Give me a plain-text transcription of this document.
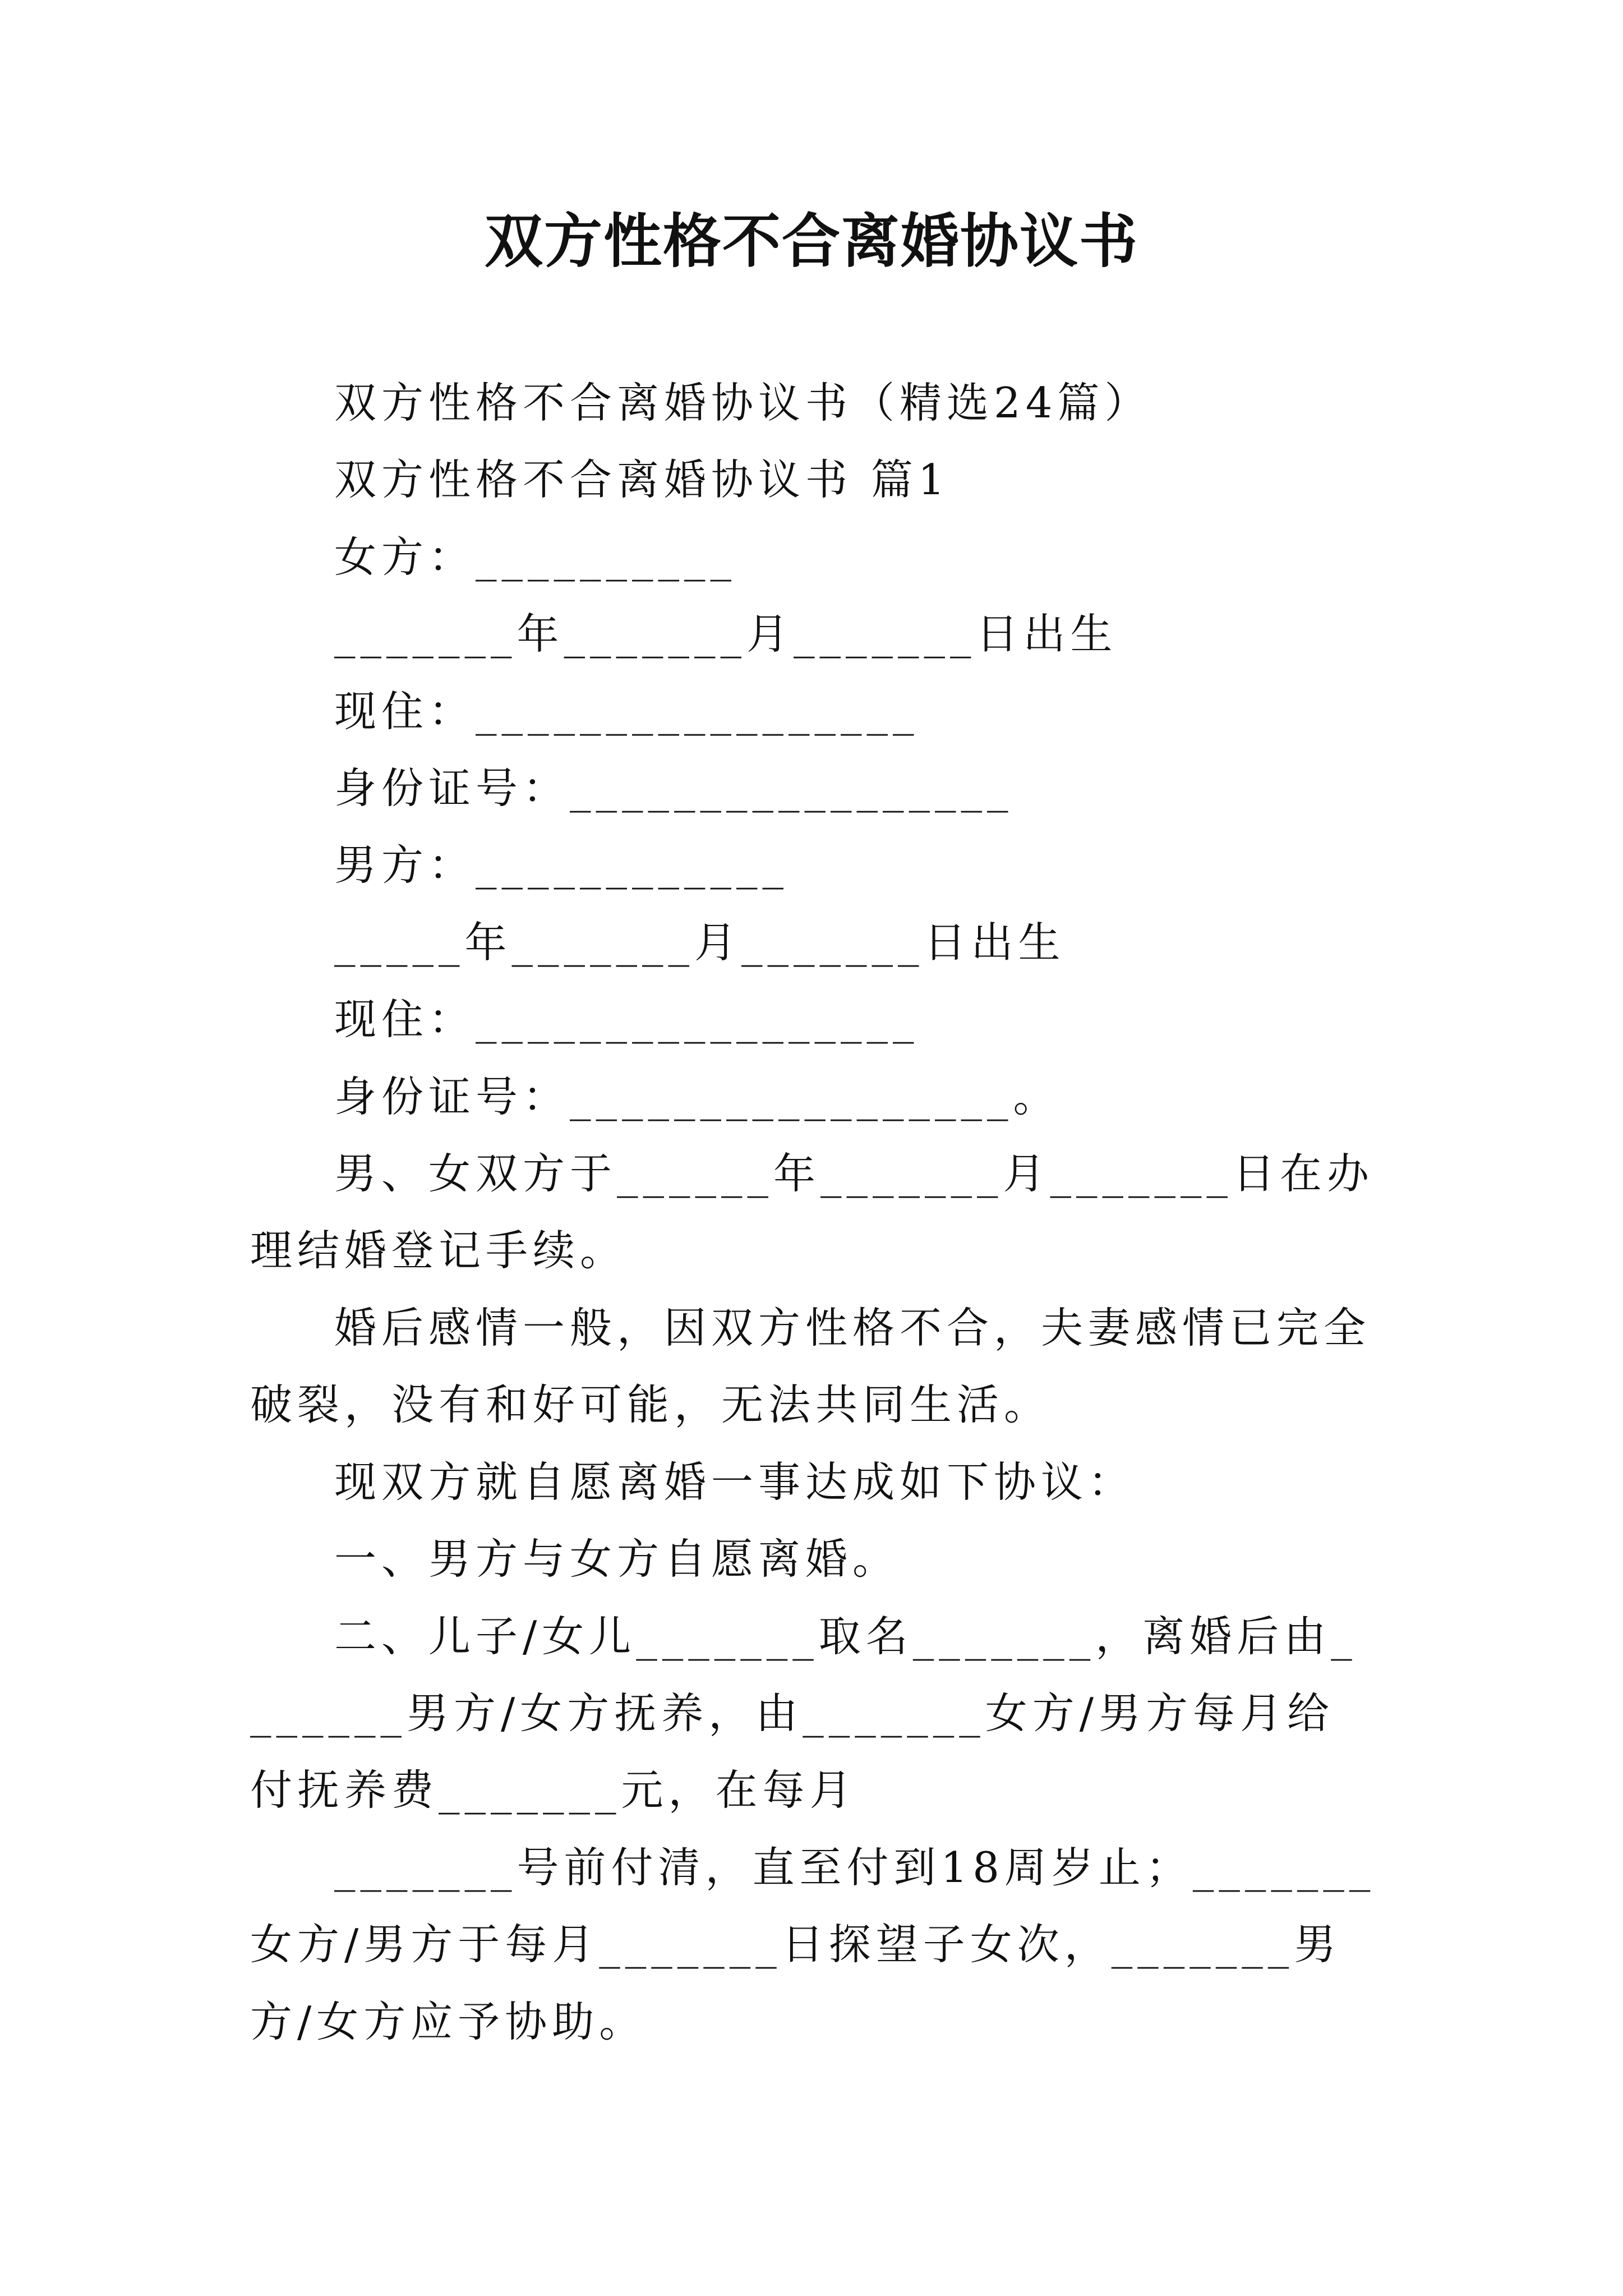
双方性格不合离婚协议书

双方性格不合离婚协议书（精选24篇）

双方性格不合离婚协议书 篇1

女方：__________

_______年_______月_______日出生

现住：_________________

身份证号：_________________

男方：____________

_____年_______月_______日出生

现住：_________________

身份证号：_________________。

男、女双方于______年_______月_______日在办理结婚登记手续。

婚后感情一般，因双方性格不合，夫妻感情已完全破裂，没有和好可能，无法共同生活。

现双方就自愿离婚一事达成如下协议：

一、男方与女方自愿离婚。

二、儿子/女儿_______取名_______，离婚后由_______男方/女方抚养，由_______女方/男方每月给付抚养费_______元，在每月

_______号前付清，直至付到18周岁止；_______女方/男方于每月_______日探望子女次，_______男方/女方应予协助。
